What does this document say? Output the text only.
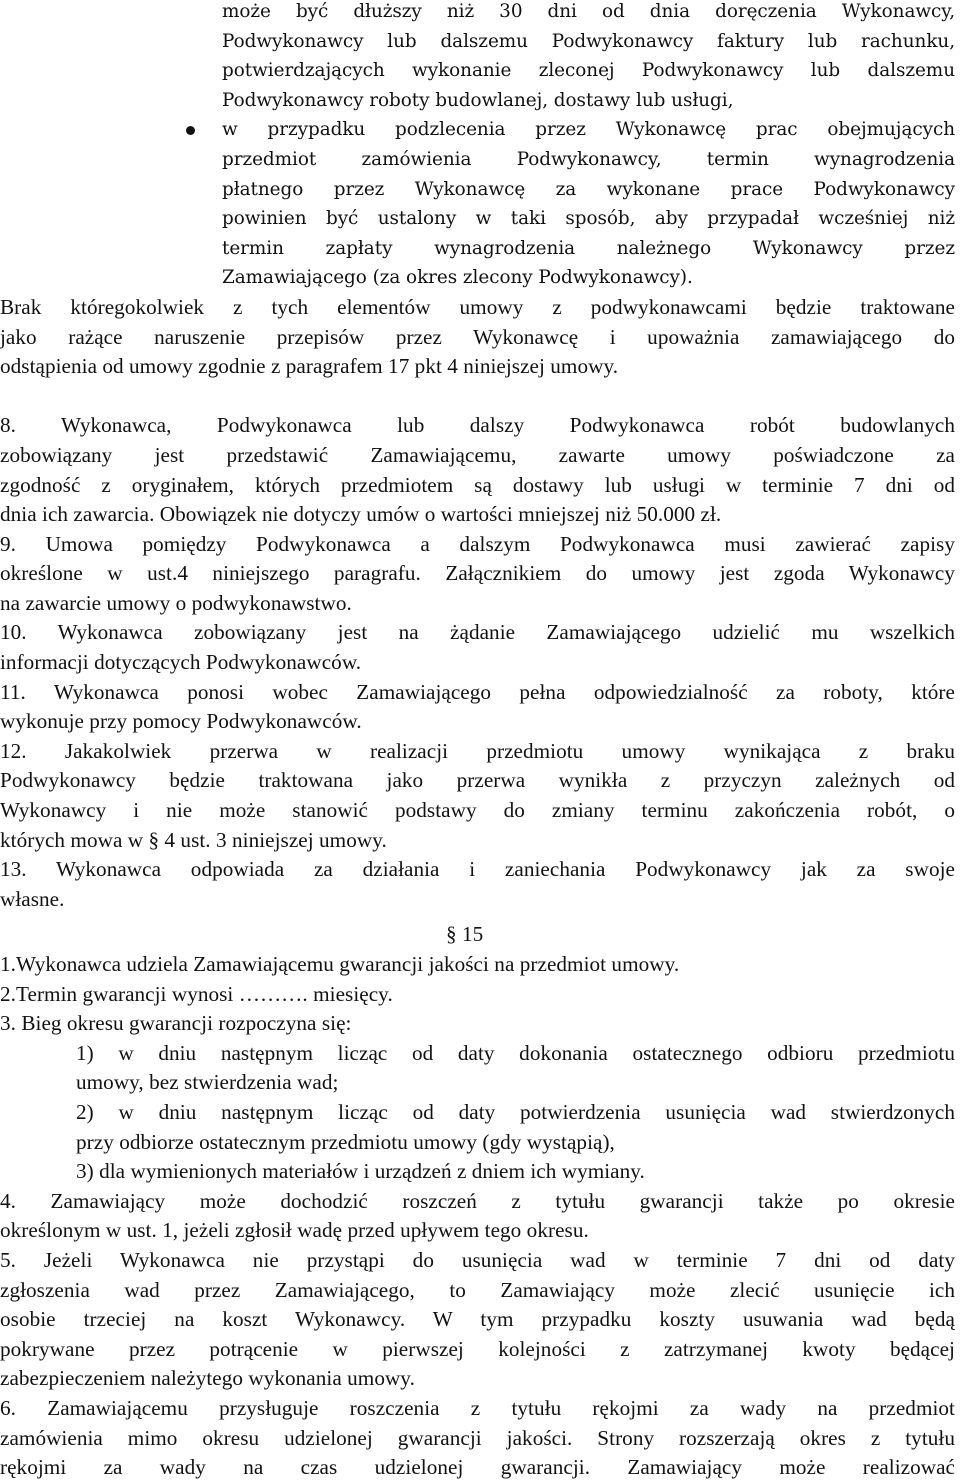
może być dłuższy niż 30 dni od dnia doręczenia Wykonawcy,
Podwykonawcy lub dalszemu Podwykonawcy faktury lub rachunku,
potwierdzających wykonanie zleconej Podwykonawcy lub dalszemu
Podwykonawcy roboty budowlanej, dostawy lub usługi,
w przypadku podzlecenia przez Wykonawcę prac obejmujących
przedmiot zamówienia Podwykonawcy, termin wynagrodzenia
płatnego przez Wykonawcę za wykonane prace Podwykonawcy
powinien być ustalony w taki sposób, aby przypadał wcześniej niż
termin zapłaty wynagrodzenia należnego Wykonawcy przez
Zamawiającego (za okres zlecony Podwykonawcy).
Brak któregokolwiek z tych elementów umowy z podwykonawcami będzie traktowane
jako rażące naruszenie przepisów przez Wykonawcę i upoważnia zamawiającego do
odstąpienia od umowy zgodnie z paragrafem 17 pkt 4 niniejszej umowy.
8. Wykonawca, Podwykonawca lub dalszy Podwykonawca robót budowlanych
zobowiązany jest przedstawić Zamawiającemu, zawarte umowy poświadczone za
zgodność z oryginałem, których przedmiotem są dostawy lub usługi w terminie 7 dni od
dnia ich zawarcia. Obowiązek nie dotyczy umów o wartości mniejszej niż 50.000 zł.
9. Umowa pomiędzy Podwykonawca a dalszym Podwykonawca musi zawierać zapisy
określone w ust.4 niniejszego paragrafu. Załącznikiem do umowy jest zgoda Wykonawcy
na zawarcie umowy o podwykonawstwo.
10. Wykonawca zobowiązany jest na żądanie Zamawiającego udzielić mu wszelkich
informacji dotyczących Podwykonawców.
11. Wykonawca ponosi wobec Zamawiającego pełna odpowiedzialność za roboty, które
wykonuje przy pomocy Podwykonawców.
12. Jakakolwiek przerwa w realizacji przedmiotu umowy wynikająca z braku
Podwykonawcy będzie traktowana jako przerwa wynikła z przyczyn zależnych od
Wykonawcy i nie może stanowić podstawy do zmiany terminu zakończenia robót, o
których mowa w § 4 ust. 3 niniejszej umowy.
13. Wykonawca odpowiada za działania i zaniechania Podwykonawcy jak za swoje
własne.
§ 15
1.Wykonawca udziela Zamawiającemu gwarancji jakości na przedmiot umowy.
2.Termin gwarancji wynosi ………. miesięcy.
3. Bieg okresu gwarancji rozpoczyna się:
1) w dniu następnym licząc od daty dokonania ostatecznego odbioru przedmiotu
umowy, bez stwierdzenia wad;
2) w dniu następnym licząc od daty potwierdzenia usunięcia wad stwierdzonych
przy odbiorze ostatecznym przedmiotu umowy (gdy wystąpią),
3) dla wymienionych materiałów i urządzeń z dniem ich wymiany.
4. Zamawiający może dochodzić roszczeń z tytułu gwarancji także po okresie
określonym w ust. 1, jeżeli zgłosił wadę przed upływem tego okresu.
5. Jeżeli Wykonawca nie przystąpi do usunięcia wad w terminie 7 dni od daty
zgłoszenia wad przez Zamawiającego, to Zamawiający może zlecić usunięcie ich
osobie trzeciej na koszt Wykonawcy. W tym przypadku koszty usuwania wad będą
pokrywane przez potrącenie w pierwszej kolejności z zatrzymanej kwoty będącej
zabezpieczeniem należytego wykonania umowy.
6. Zamawiającemu przysługuje roszczenia z tytułu rękojmi za wady na przedmiot
zamówienia mimo okresu udzielonej gwarancji jakości. Strony rozszerzają okres z tytułu
rękojmi za wady na czas udzielonej gwarancji. Zamawiający może realizować
